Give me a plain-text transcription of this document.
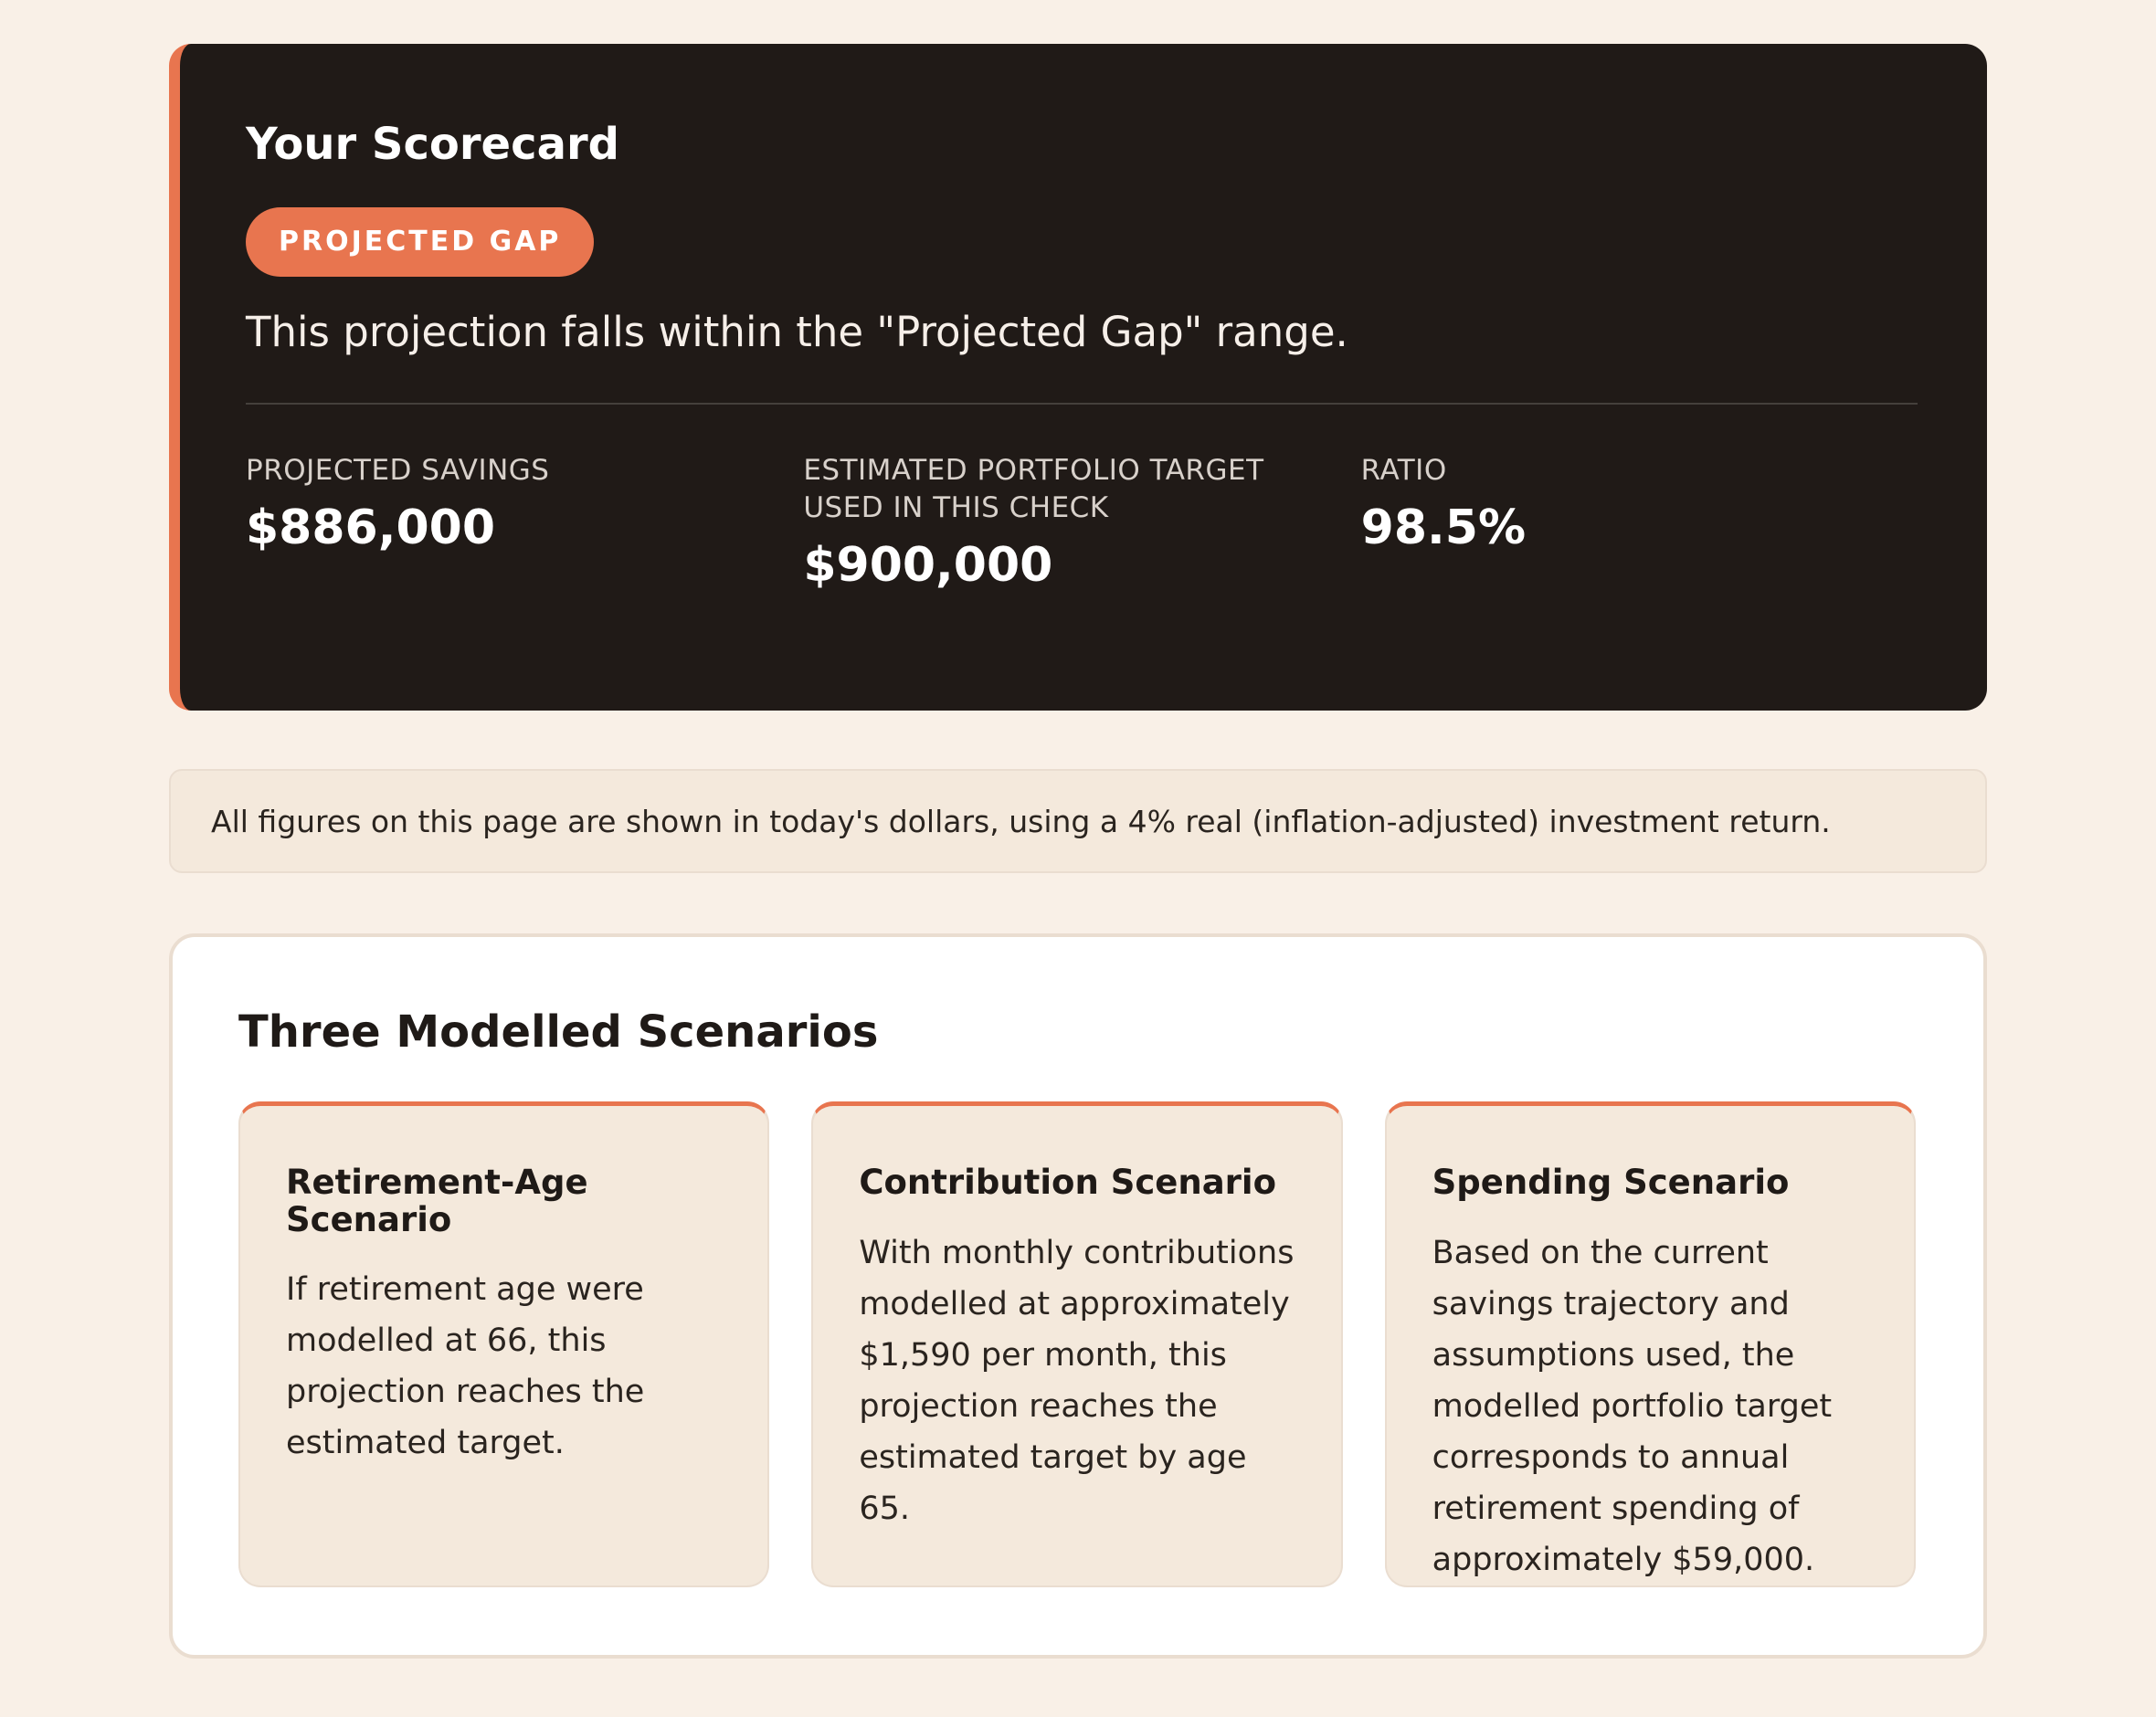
Your Scorecard
PROJECTED GAP
This projection falls within the "Projected Gap" range.
PROJECTED SAVINGS
$886,000
ESTIMATED PORTFOLIO TARGET USED IN THIS CHECK
$900,000
RATIO
98.5%
All figures on this page are shown in today's dollars, using a 4% real (inflation-adjusted) investment return.
Three Modelled Scenarios
Retirement-Age Scenario
If retirement age were modelled at 66, this projection reaches the estimated target.
Contribution Scenario
With monthly contributions modelled at approximately $1,590 per month, this projection reaches the estimated target by age 65.
Spending Scenario
Based on the current savings trajectory and assumptions used, the modelled portfolio target corresponds to annual retirement spending of approximately $59,000.
